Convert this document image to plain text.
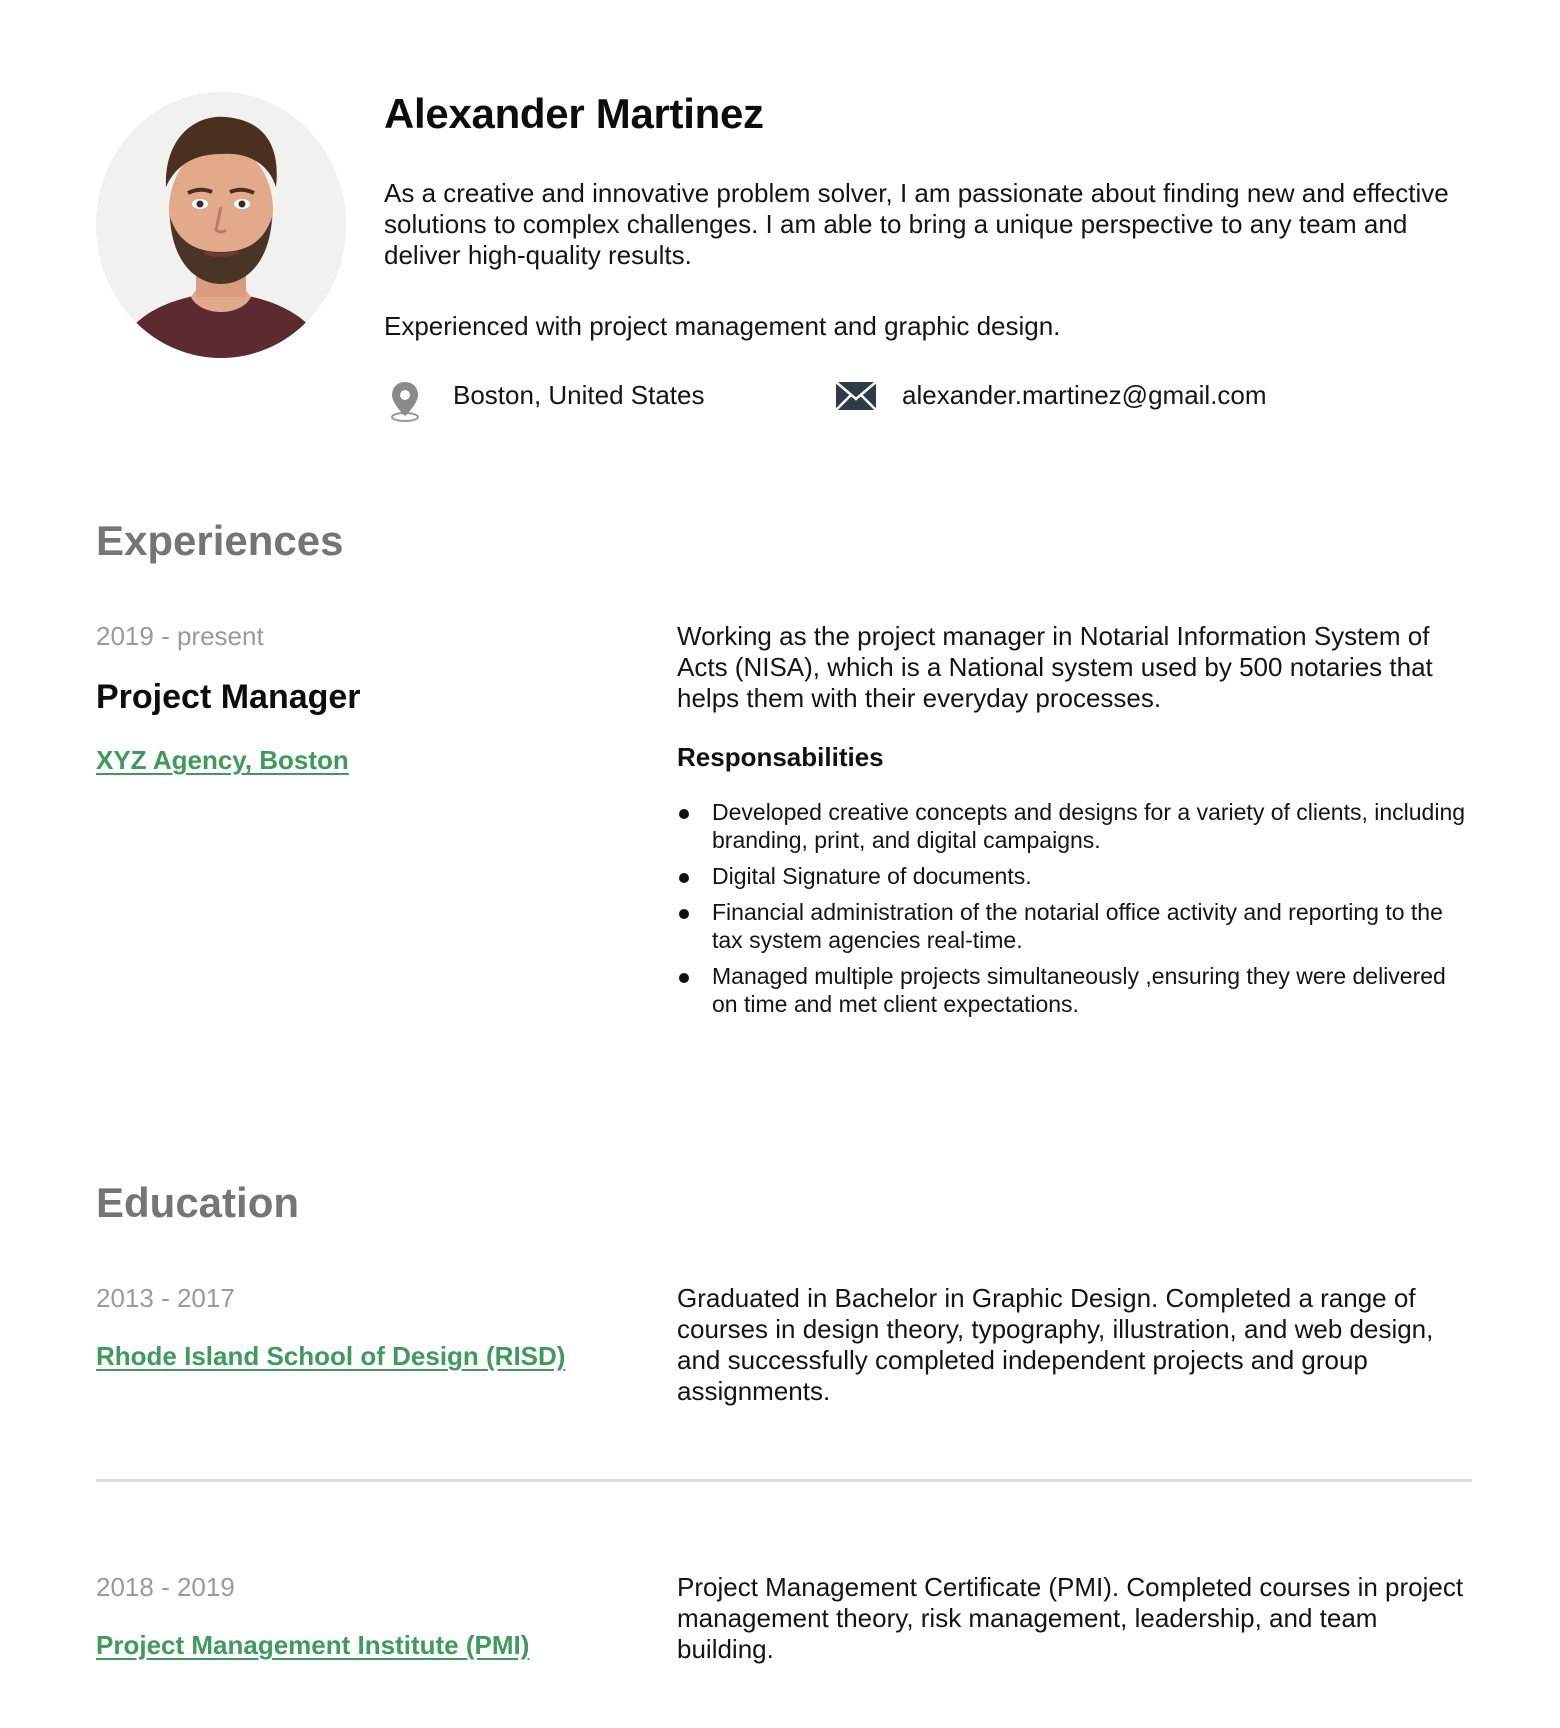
Alexander Martinez

As a creative and innovative problem solver, I am passionate about finding new and effective solutions to complex challenges. I am able to bring a unique perspective to any team and deliver high-quality results.

Experienced with project management and graphic design.

Boston, United States	alexander.martinez@gmail.com
Experiences
2019 - present
Project Manager
XYZ Agency, Boston

Working as the project manager in Notarial Information System of Acts (NISA), which is a National system used by 500 notaries that helps them with their everyday processes.

Responsabilities
Developed creative concepts and designs for a variety of clients, including branding, print, and digital campaigns.
Digital Signature of documents.
Financial administration of the notarial office activity and reporting to the tax system agencies real-time.
Managed multiple projects simultaneously ,ensuring they were delivered on time and met client expectations.
Education
2013 - 2017
Rhode Island School of Design (RISD)

Graduated in Bachelor in Graphic Design. Completed a range of courses in design theory, typography, illustration, and web design, and successfully completed independent projects and group assignments.

2018 - 2019
Project Management Institute (PMI)

Project Management Certificate (PMI). Completed courses in project management theory, risk management, leadership, and team building.
